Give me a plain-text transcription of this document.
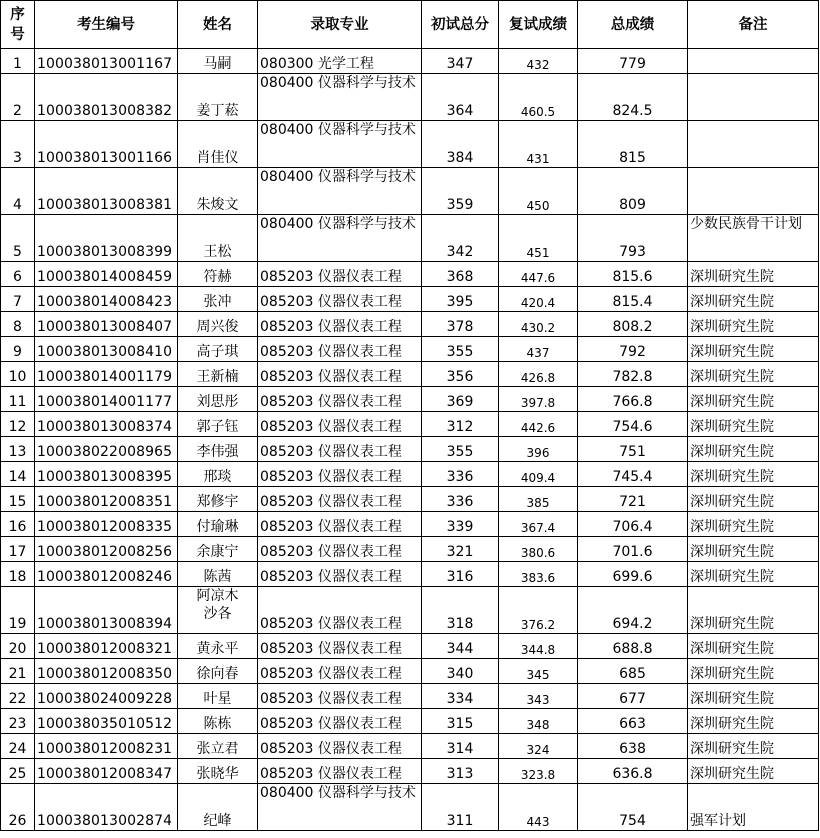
序号	考生编号	姓名	录取专业	初试总分	复试成绩	总成绩	备注
1	100038013001167	马嗣	080300 光学工程	347	432	779	
2	100038013008382	姜丁菘	080400 仪器科学与技术	364	460.5	824.5	
3	100038013001166	肖佳仪	080400 仪器科学与技术	384	431	815	
4	100038013008381	朱焌文	080400 仪器科学与技术	359	450	809	
5	100038013008399	王松	080400 仪器科学与技术	342	451	793	少数民族骨干计划
6	100038014008459	符赫	085203 仪器仪表工程	368	447.6	815.6	深圳研究生院
7	100038014008423	张冲	085203 仪器仪表工程	395	420.4	815.4	深圳研究生院
8	100038013008407	周兴俊	085203 仪器仪表工程	378	430.2	808.2	深圳研究生院
9	100038013008410	高子琪	085203 仪器仪表工程	355	437	792	深圳研究生院
10	100038014001179	王新楠	085203 仪器仪表工程	356	426.8	782.8	深圳研究生院
11	100038014001177	刘思彤	085203 仪器仪表工程	369	397.8	766.8	深圳研究生院
12	100038013008374	郭子钰	085203 仪器仪表工程	312	442.6	754.6	深圳研究生院
13	100038022008965	李伟强	085203 仪器仪表工程	355	396	751	深圳研究生院
14	100038013008395	邢琰	085203 仪器仪表工程	336	409.4	745.4	深圳研究生院
15	100038012008351	郑修宇	085203 仪器仪表工程	336	385	721	深圳研究生院
16	100038012008335	付瑜琳	085203 仪器仪表工程	339	367.4	706.4	深圳研究生院
17	100038012008256	余康宁	085203 仪器仪表工程	321	380.6	701.6	深圳研究生院
18	100038012008246	陈茜	085203 仪器仪表工程	316	383.6	699.6	深圳研究生院
19	100038013008394	阿凉木沙各	085203 仪器仪表工程	318	376.2	694.2	深圳研究生院
20	100038012008321	黄永平	085203 仪器仪表工程	344	344.8	688.8	深圳研究生院
21	100038012008350	徐向春	085203 仪器仪表工程	340	345	685	深圳研究生院
22	100038024009228	叶星	085203 仪器仪表工程	334	343	677	深圳研究生院
23	100038035010512	陈栋	085203 仪器仪表工程	315	348	663	深圳研究生院
24	100038012008231	张立君	085203 仪器仪表工程	314	324	638	深圳研究生院
25	100038012008347	张晓华	085203 仪器仪表工程	313	323.8	636.8	深圳研究生院
26	100038013002874	纪峰	080400 仪器科学与技术	311	443	754	强军计划
